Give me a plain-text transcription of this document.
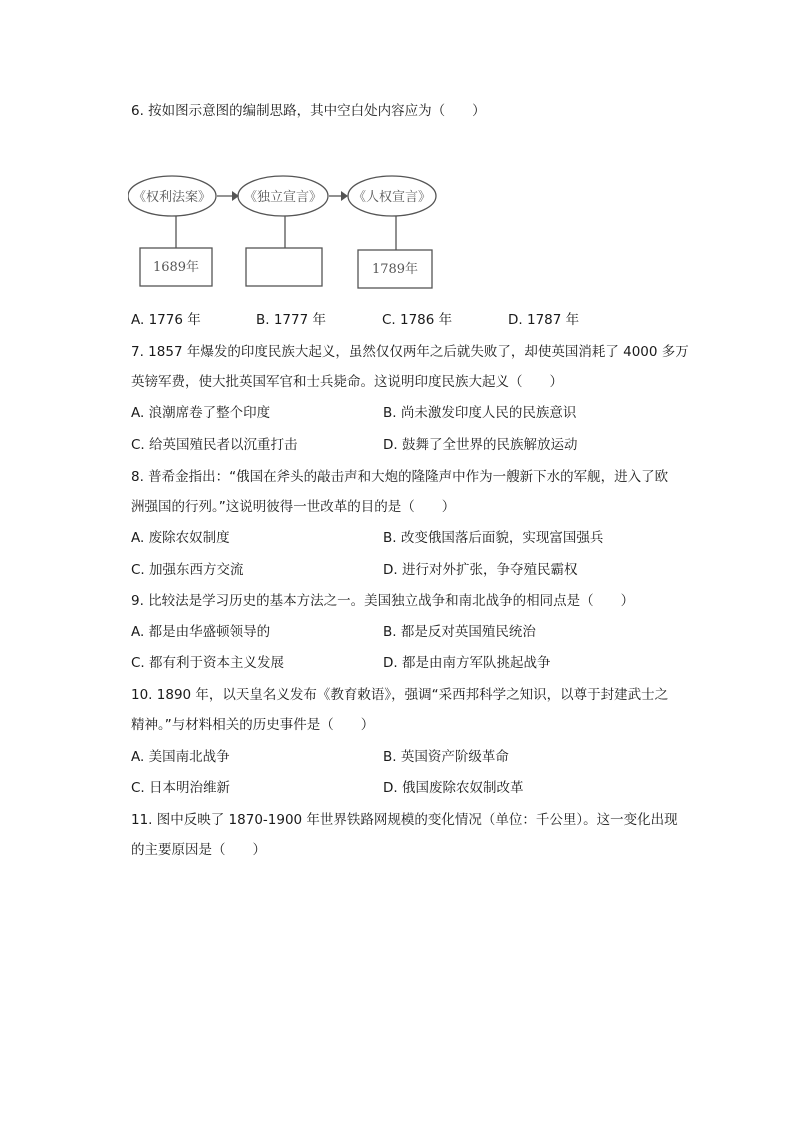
6. 按如图示意图的编制思路，其中空白处内容应为（　　）
《权利法案》	《独立宣言》 《人权宣言》
1689年	1789年
A. 1776 年	B. 1777 年	C. 1786 年	D. 1787 年
7. 1857 年爆发的印度民族大起义，虽然仅仅两年之后就失败了，却使英国消耗了 4000 多万
英镑军费，使大批英国军官和士兵毙命。这说明印度民族大起义（　　）
A. 浪潮席卷了整个印度	B. 尚未激发印度人民的民族意识
C. 给英国殖民者以沉重打击	D. 鼓舞了全世界的民族解放运动
8. 普希金指出：“俄国在斧头的敲击声和大炮的隆隆声中作为一艘新下水的军舰，进入了欧
洲强国的行列。”这说明彼得一世改革的目的是（　　）
A. 废除农奴制度	B. 改变俄国落后面貌，实现富国强兵
C. 加强东西方交流	D. 进行对外扩张，争夺殖民霸权
9. 比较法是学习历史的基本方法之一。美国独立战争和南北战争的相同点是（　　）
A. 都是由华盛顿领导的	B. 都是反对英国殖民统治
C. 都有利于资本主义发展	D. 都是由南方军队挑起战争
10. 1890 年，以天皇名义发布《教育敕语》，强调“采西邦科学之知识，以尊于封建武士之
精神。”与材料相关的历史事件是（　　）
A. 美国南北战争	B. 英国资产阶级革命
C. 日本明治维新	D. 俄国废除农奴制改革
11. 图中反映了 1870-1900 年世界铁路网规模的变化情况（单位：千公里）。这一变化出现
的主要原因是（　　）
